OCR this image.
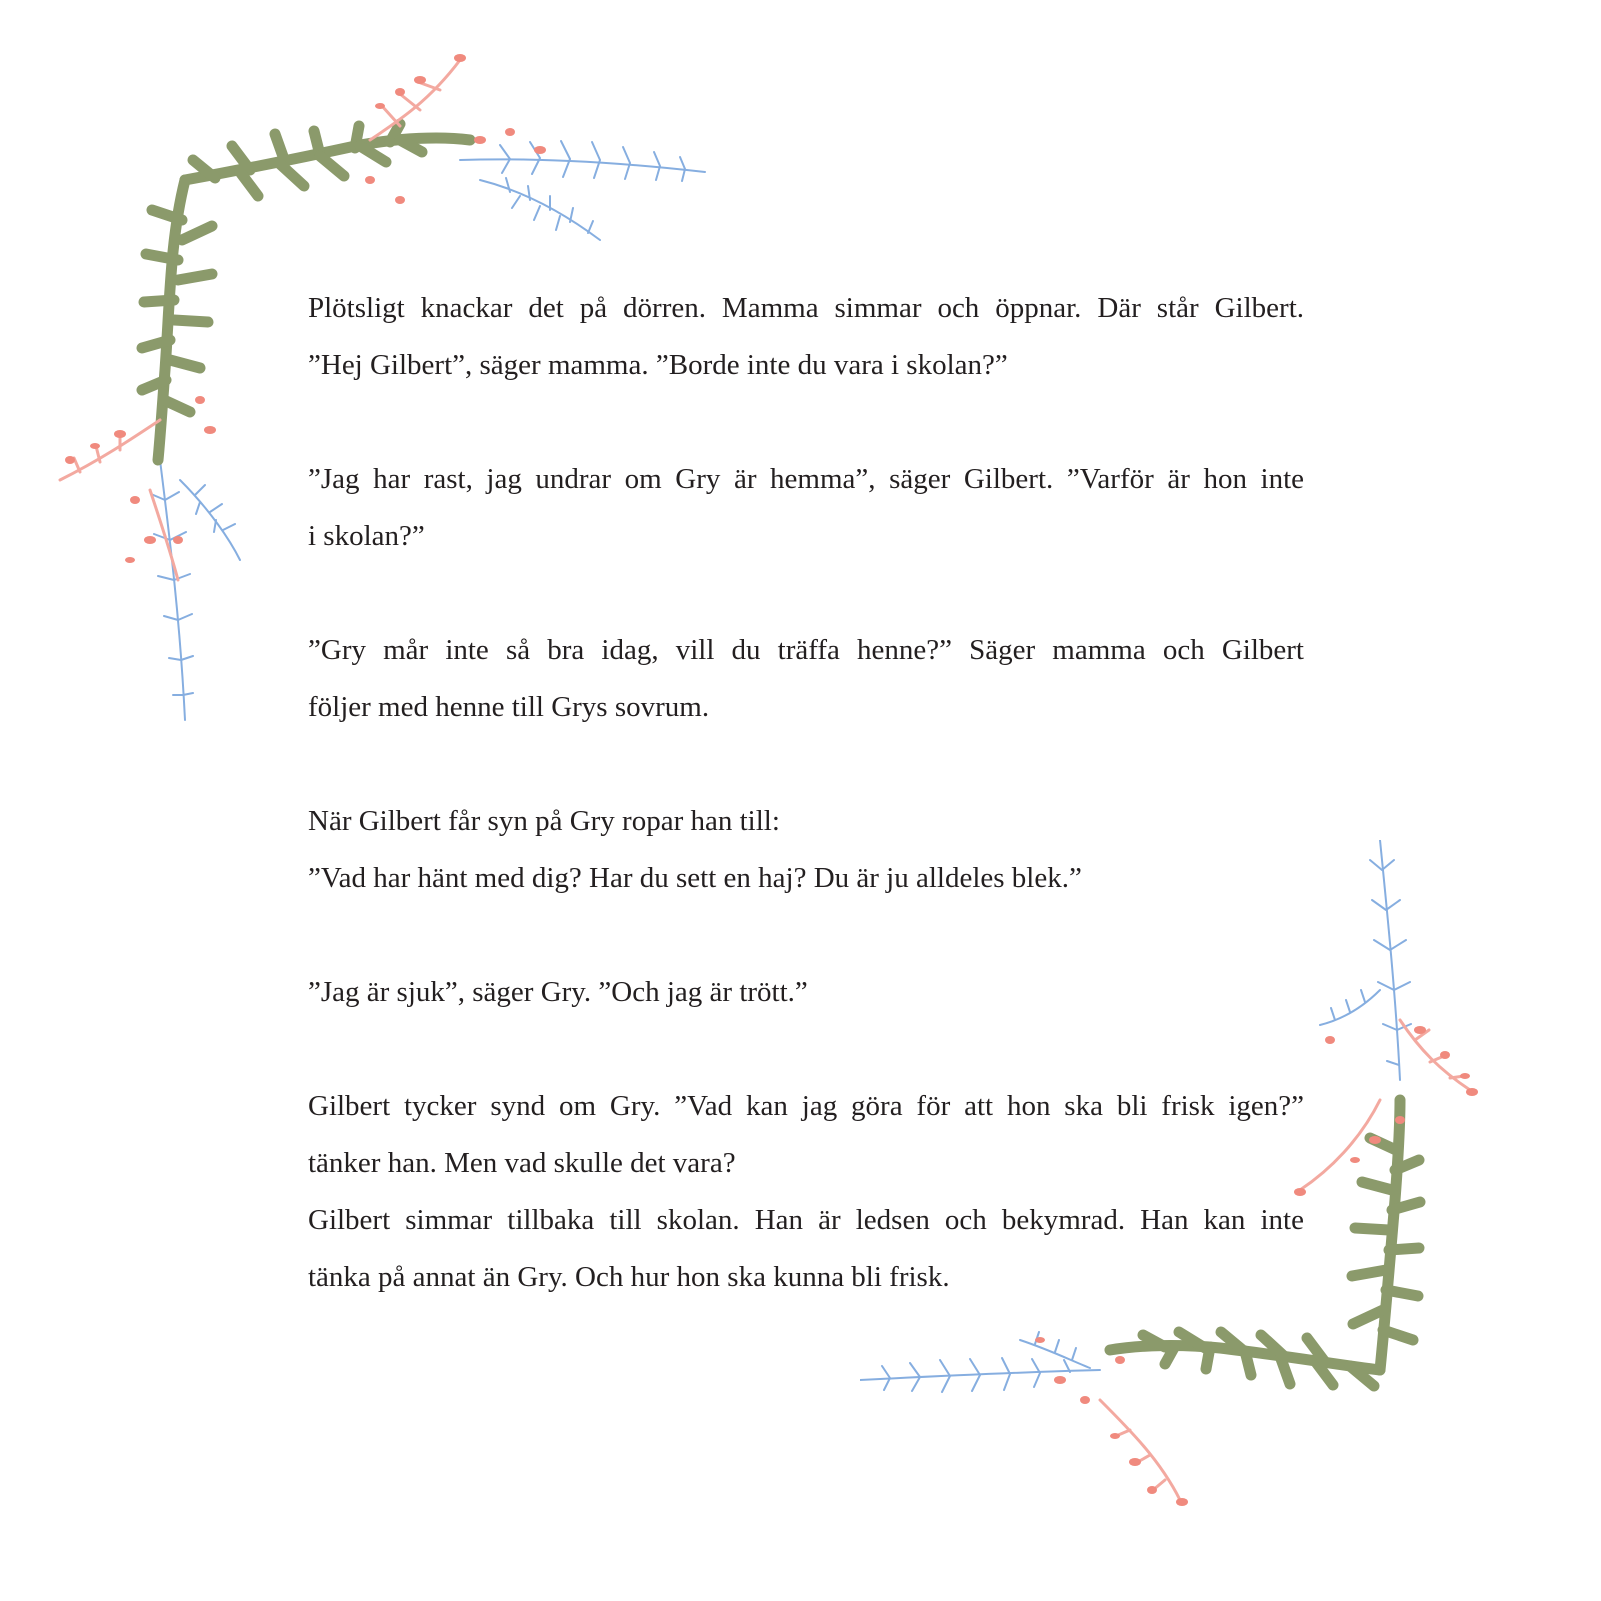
Plötsligt knackar det på dörren. Mamma simmar och öppnar. Där står Gilbert.

”Hej Gilbert”, säger mamma. ”Borde inte du vara i skolan?”

”Jag har rast, jag undrar om Gry är hemma”, säger Gilbert. ”Varför är hon inte

i skolan?”

”Gry mår inte så bra idag, vill du träffa henne?” Säger mamma och Gilbert

följer med henne till Grys sovrum.

När Gilbert får syn på Gry ropar han till:

”Vad har hänt med dig? Har du sett en haj? Du är ju alldeles blek.”

”Jag är sjuk”, säger Gry. ”Och jag är trött.”

Gilbert tycker synd om Gry. ”Vad kan jag göra för att hon ska bli frisk igen?”

tänker han. Men vad skulle det vara?

Gilbert simmar tillbaka till skolan. Han är ledsen och bekymrad. Han kan inte

tänka på annat än Gry. Och hur hon ska kunna bli frisk.
